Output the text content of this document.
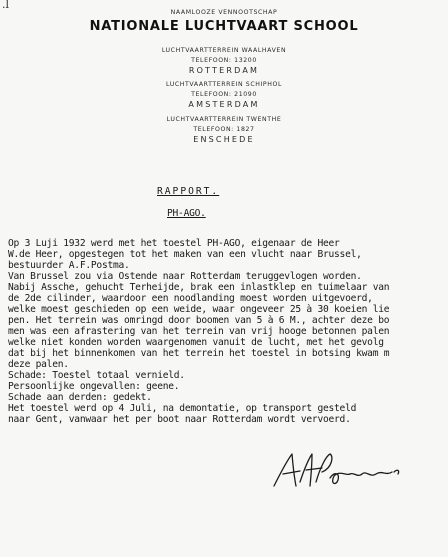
.l
NAAMLOOZE VENNOOTSCHAP
NATIONALE LUCHTVAART SCHOOL
LUCHTVAARTTERREIN WAALHAVEN
TELEFOON: 13200
ROTTERDAM
LUCHTVAARTTERREIN SCHIPHOL
TELEFOON: 21090
AMSTERDAM
LUCHTVAARTTERREIN TWENTHE
TELEFOON: 1827
ENSCHEDE
RAPPORT.
PH-AGO.
Op 3 Luji 1932 werd met het toestel PH-AGO, eigenaar de Heer
W.de Heer, opgestegen tot het maken van een vlucht naar Brussel,
bestuurder A.F.Postma.
Van Brussel zou via Ostende naar Rotterdam teruggevlogen worden.
Nabij Assche, gehucht Terheijde, brak een inlastklep en tuimelaar van
de 2de cilinder, waardoor een noodlanding moest worden uitgevoerd,
welke moest geschieden op een weide, waar ongeveer 25 à 30 koeien lie
pen. Het terrein was omringd door boomen van 5 à 6 M., achter deze bo
men was een afrastering van het terrein van vrij hooge betonnen palen
welke niet konden worden waargenomen vanuit de lucht, met het gevolg
dat bij het binnenkomen van het terrein het toestel in botsing kwam m
deze palen.
Schade: Toestel totaal vernield.
Persoonlijke ongevallen: geene.
Schade aan derden: gedekt.
Het toestel werd op 4 Juli, na demontatie, op transport gesteld
naar Gent, vanwaar het per boot naar Rotterdam wordt vervoerd.
